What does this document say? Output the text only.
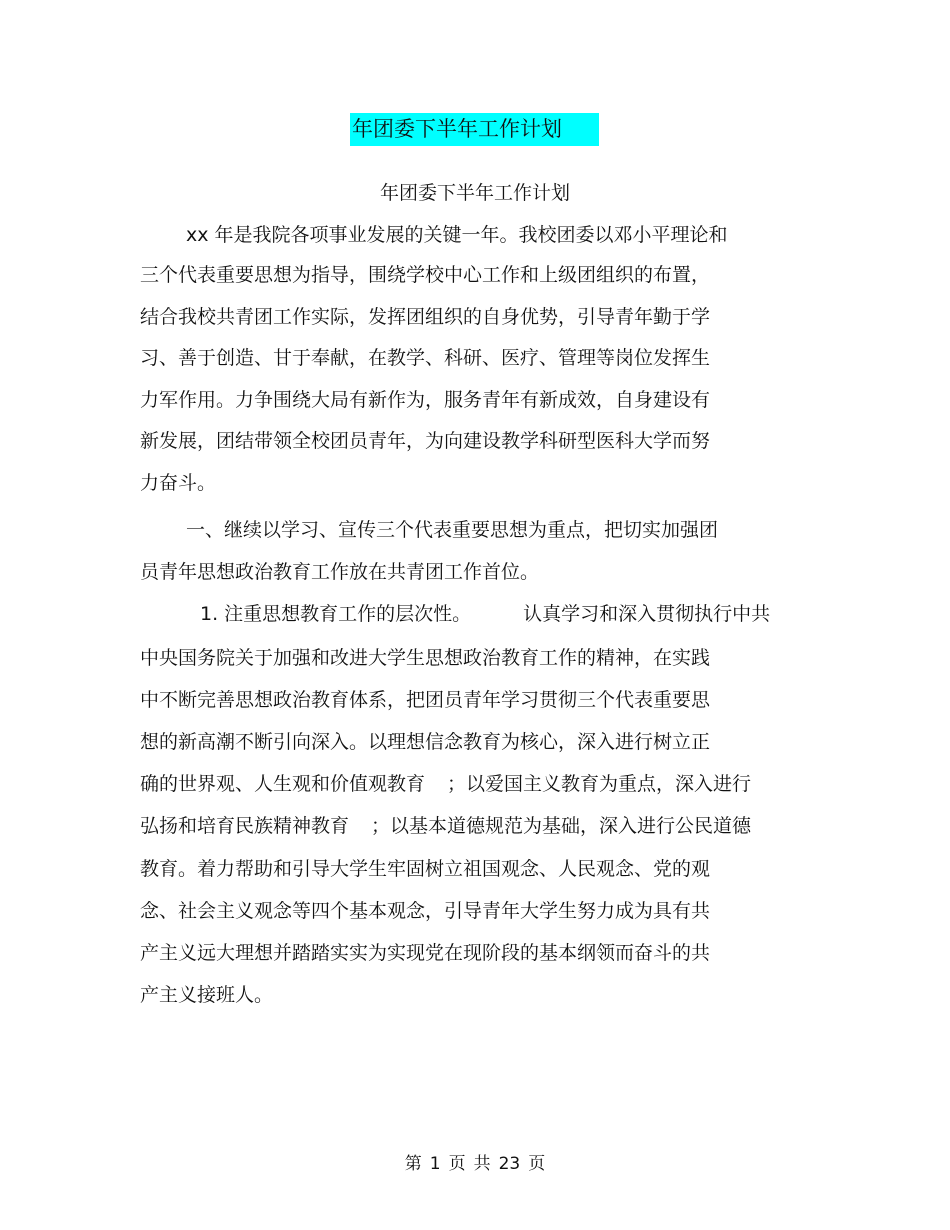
年团委下半年工作计划
年团委下半年工作计划
xx 年是我院各项事业发展的关键一年。我校团委以邓小平理论和
三个代表重要思想为指导，围绕学校中心工作和上级团组织的布置，
结合我校共青团工作实际，发挥团组织的自身优势，引导青年勤于学
习、善于创造、甘于奉献，在教学、科研、医疗、管理等岗位发挥生
力军作用。力争围绕大局有新作为，服务青年有新成效，自身建设有
新发展，团结带领全校团员青年，为向建设教学科研型医科大学而努
力奋斗。
一、继续以学习、宣传三个代表重要思想为重点，把切实加强团
员青年思想政治教育工作放在共青团工作首位。
1. 注重思想教育工作的层次性。	认真学习和深入贯彻执行中共
中央国务院关于加强和改进大学生思想政治教育工作的精神，在实践
中不断完善思想政治教育体系，把团员青年学习贯彻三个代表重要思
想的新高潮不断引向深入。以理想信念教育为核心，深入进行树立正
确的世界观、人生观和价值观教育 ；以爱国主义教育为重点，深入进行
弘扬和培育民族精神教育 ；以基本道德规范为基础，深入进行公民道德
教育。着力帮助和引导大学生牢固树立祖国观念、人民观念、党的观
念、社会主义观念等四个基本观念，引导青年大学生努力成为具有共
产主义远大理想并踏踏实实为实现党在现阶段的基本纲领而奋斗的共
产主义接班人。
第 1 页 共 23 页
